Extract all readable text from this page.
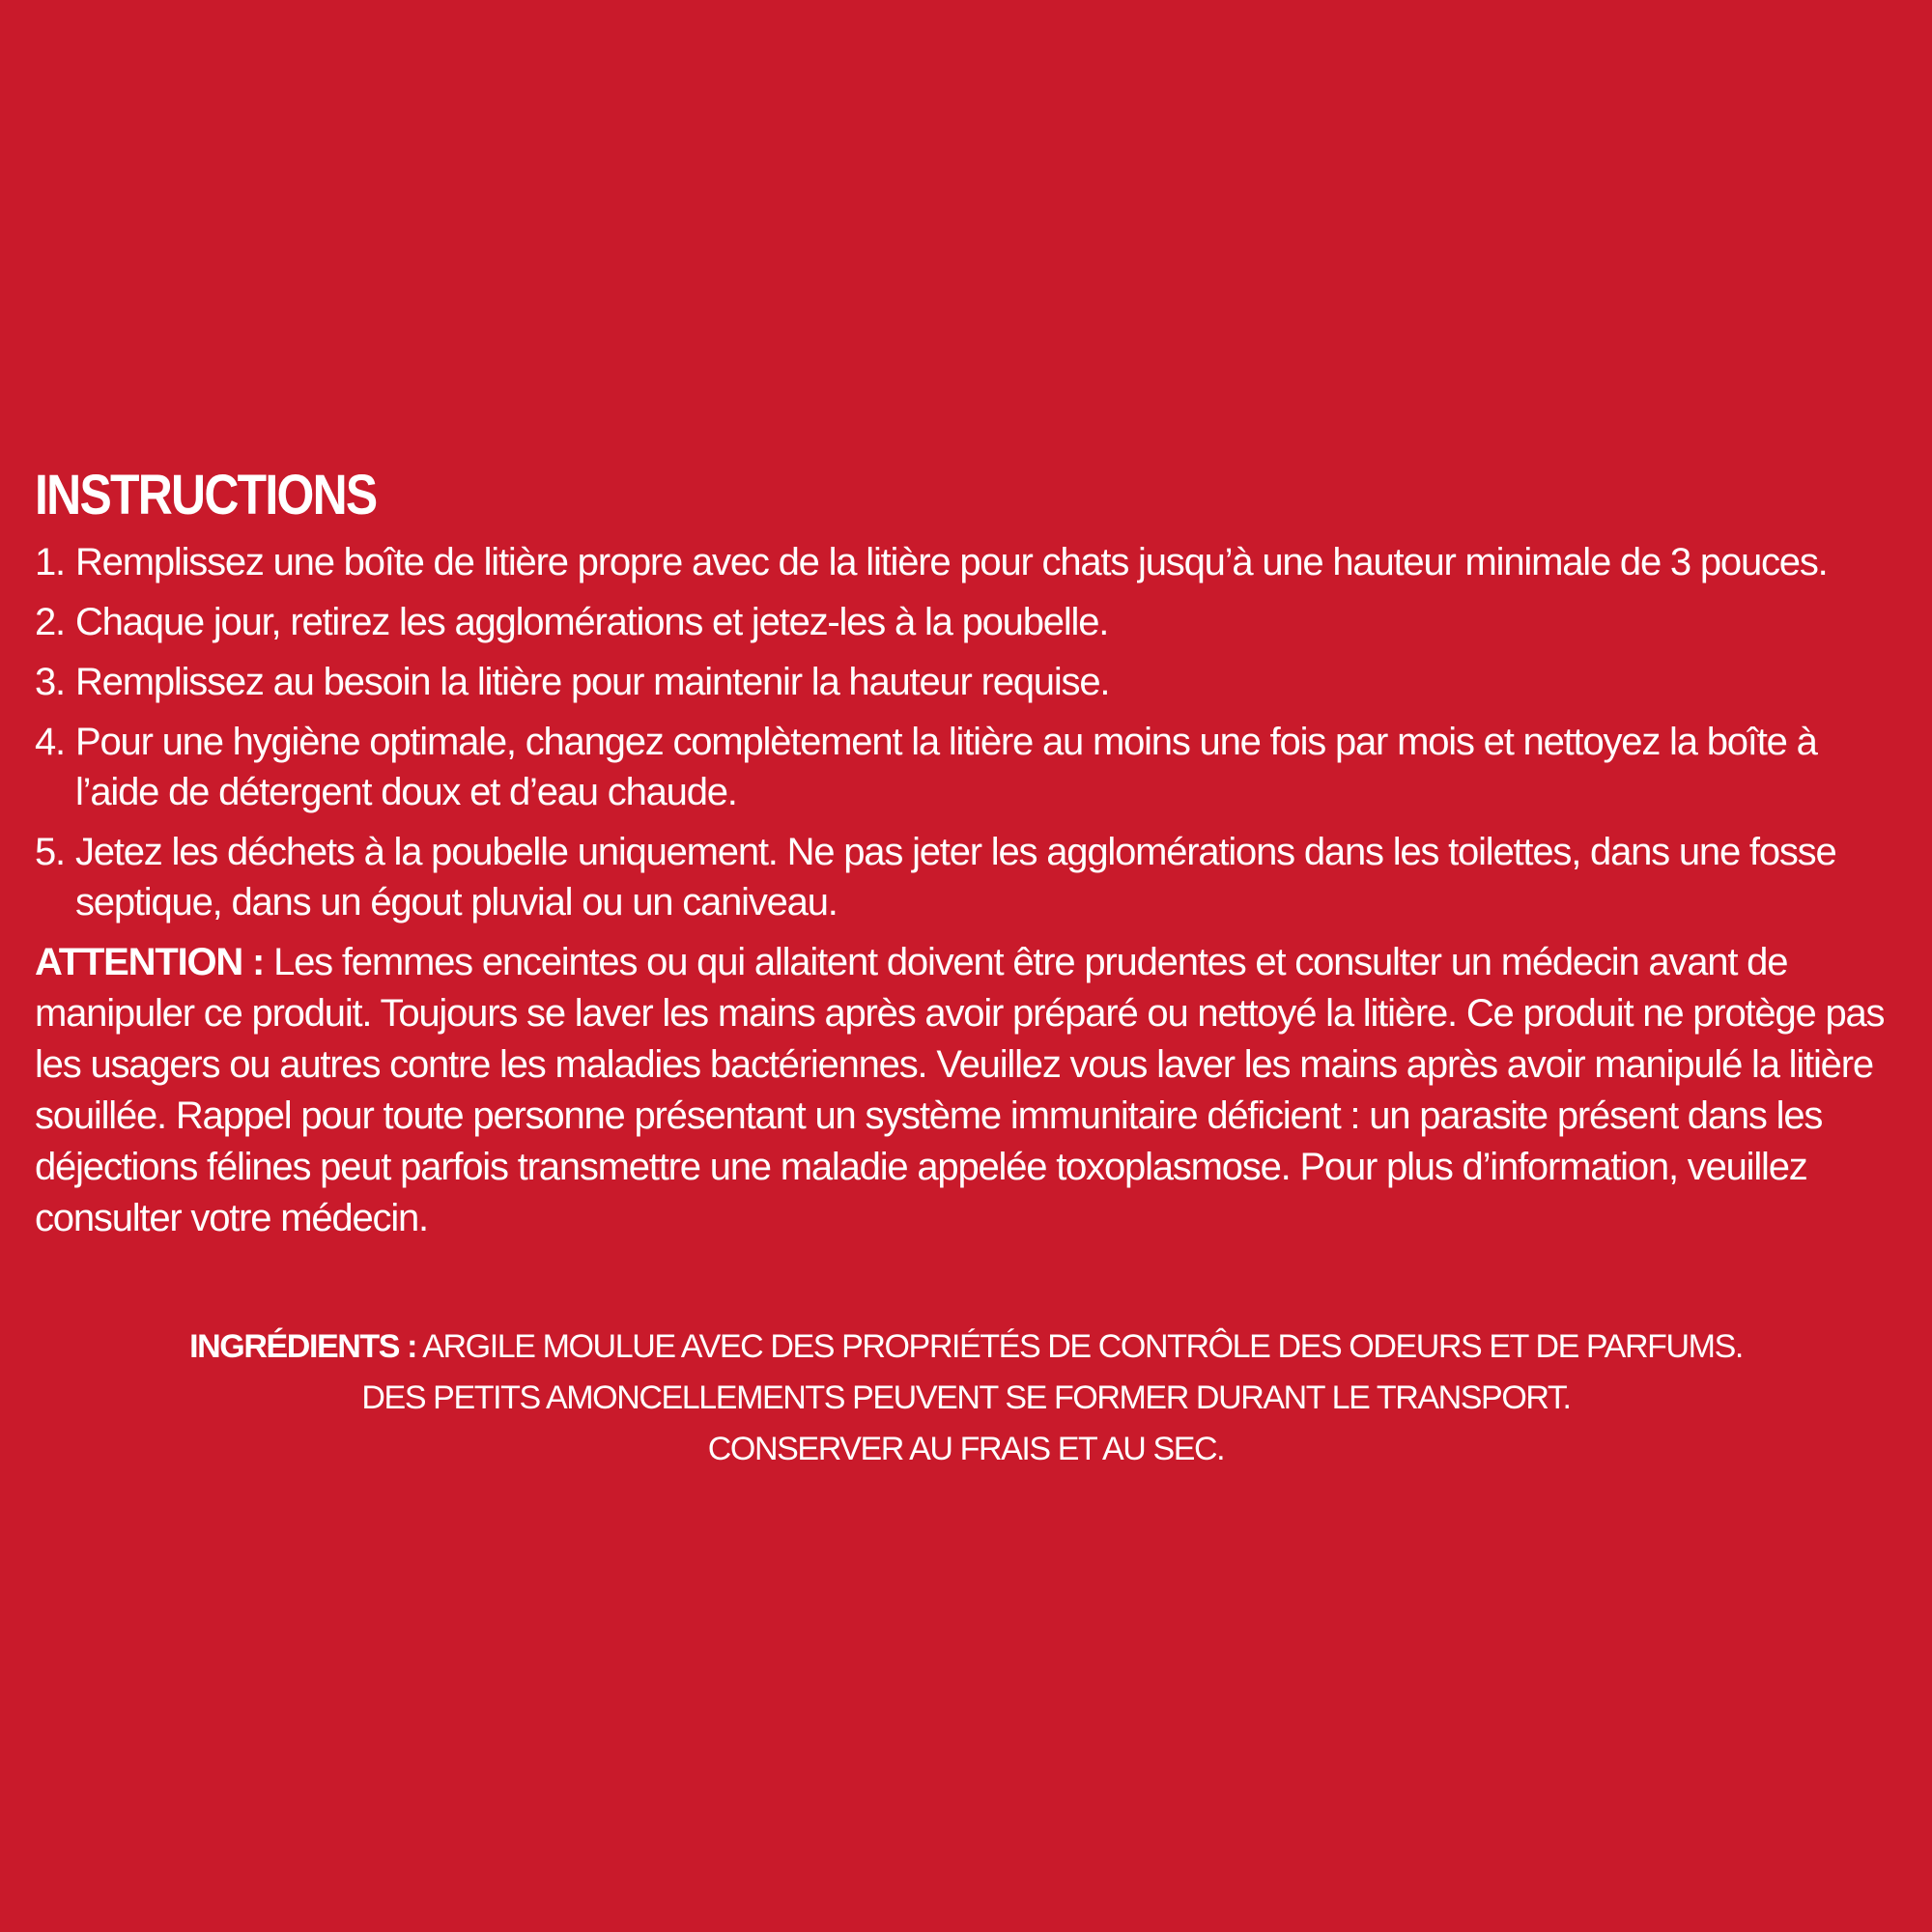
INSTRUCTIONS
1. Remplissez une boîte de litière propre avec de la litière pour chats jusqu’à une hauteur minimale de 3 pouces.
2. Chaque jour, retirez les agglomérations et jetez-les à la poubelle.
3. Remplissez au besoin la litière pour maintenir la hauteur requise.
4. Pour une hygiène optimale, changez complètement la litière au moins une fois par mois et nettoyez la boîte à l’aide de détergent doux et d’eau chaude.
5. Jetez les déchets à la poubelle uniquement. Ne pas jeter les agglomérations dans les toilettes, dans une fosse septique, dans un égout pluvial ou un caniveau.

ATTENTION : Les femmes enceintes ou qui allaitent doivent être prudentes et consulter un médecin avant de manipuler ce produit. Toujours se laver les mains après avoir préparé ou nettoyé la litière. Ce produit ne protège pas les usagers ou autres contre les maladies bactériennes. Veuillez vous laver les mains après avoir manipulé la litière souillée. Rappel pour toute personne présentant un système immunitaire déficient : un parasite présent dans les déjections félines peut parfois transmettre une maladie appelée toxoplasmose. Pour plus d’information, veuillez consulter votre médecin.

INGRÉDIENTS : ARGILE MOULUE AVEC DES PROPRIÉTÉS DE CONTRÔLE DES ODEURS ET DE PARFUMS.
DES PETITS AMONCELLEMENTS PEUVENT SE FORMER DURANT LE TRANSPORT.
CONSERVER AU FRAIS ET AU SEC.
